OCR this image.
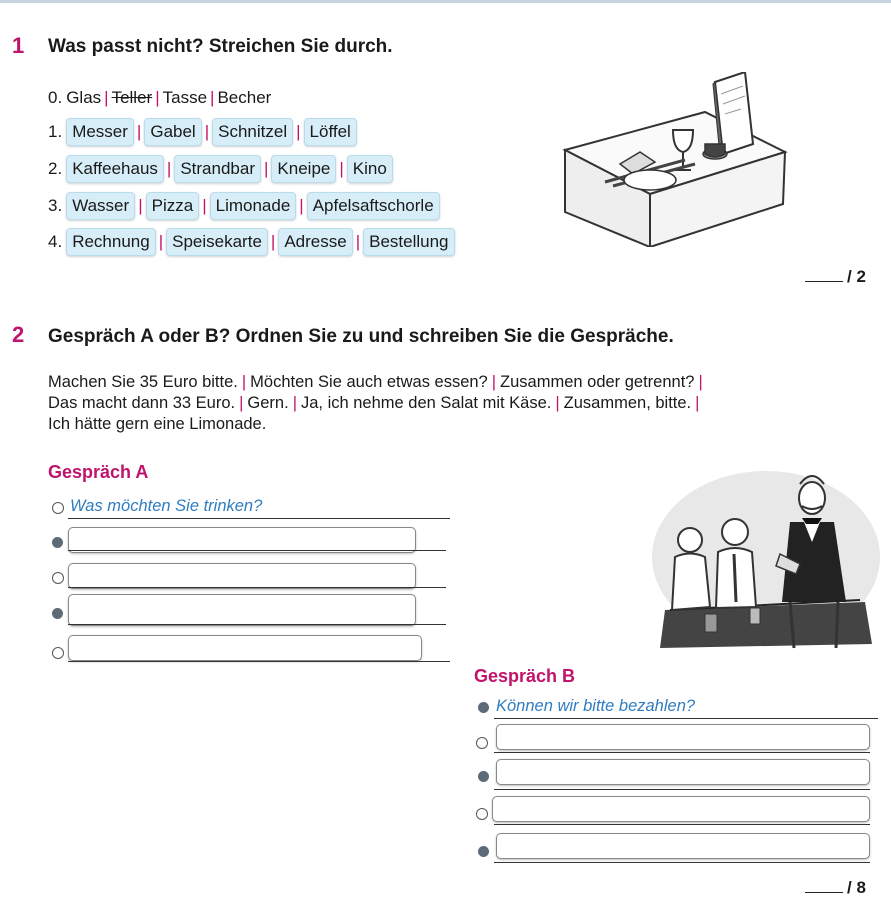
1 Was passt nicht? Streichen Sie durch.
0. Glas | Teller | Tasse | Becher
1. Messer | Gabel | Schnitzel | Löffel
2. Kaffeehaus | Strandbar | Kneipe | Kino
3. Wasser | Pizza | Limonade | Apfelsaftschorle
4. Rechnung | Speisekarte | Adresse | Bestellung
/ 2
2 Gespräch A oder B? Ordnen Sie zu und schreiben Sie die Gespräche.
Machen Sie 35 Euro bitte. | Möchten Sie auch etwas essen? | Zusammen oder getrennt? |
Das macht dann 33 Euro. | Gern. | Ja, ich nehme den Salat mit Käse. | Zusammen, bitte. |
Ich hätte gern eine Limonade.
Gespräch A
Was möchten Sie trinken?
Gespräch B
Können wir bitte bezahlen?
/ 8
